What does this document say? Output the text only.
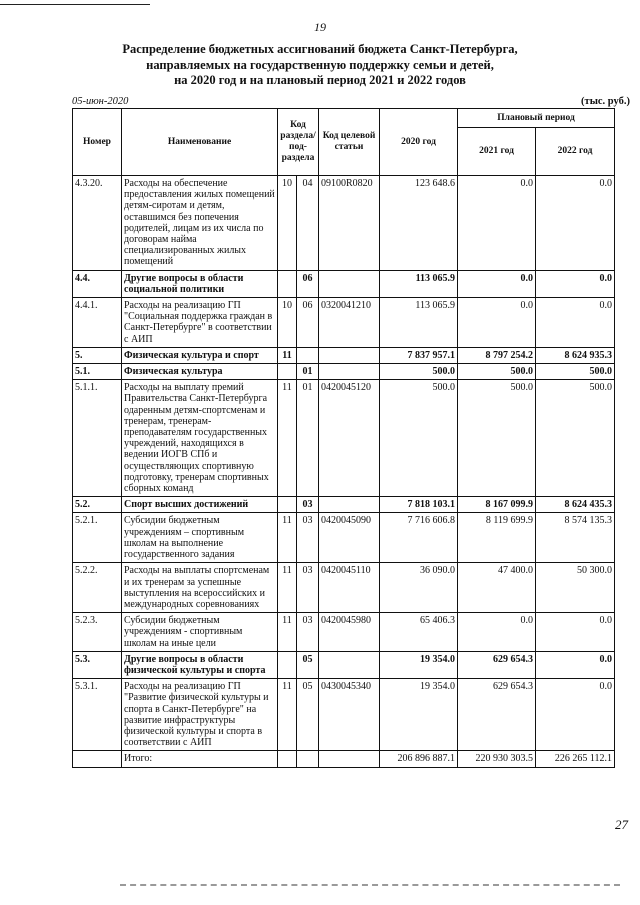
19
Распределение бюджетных ассигнований бюджета Санкт-Петербурга,
направляемых на государственную поддержку семьи и детей,
на 2020 год и на плановый период 2021 и 2022 годов
05-июн-2020	(тыс. руб.)
Номер	Наименование	Код раздела/ под-раздела		Код целевой статьи	2020 год	Плановый период	
						2021 год	2022 год
4.3.20.	Расходы на обеспечение предоставления жилых помещений детям-сиротам и детям, оставшимся без попечения родителей, лицам из их числа по договорам найма специализированных жилых помещений	10	04	09100R0820	123 648.6	0.0	0.0
4.4.	Другие вопросы в области социальной политики		06		113 065.9	0.0	0.0
4.4.1.	Расходы на реализацию ГП "Социальная поддержка граждан в Санкт-Петербурге" в соответствии с АИП	10	06	0320041210	113 065.9	0.0	0.0
5.	Физическая культура и спорт	11			7 837 957.1	8 797 254.2	8 624 935.3
5.1.	Физическая культура		01		500.0	500.0	500.0
5.1.1.	Расходы на выплату премий Правительства Санкт-Петербурга одаренным детям-спортсменам и тренерам, тренерам-преподавателям государственных учреждений, находящихся в ведении ИОГВ СПб и осуществляющих спортивную подготовку, тренерам спортивных сборных команд	11	01	0420045120	500.0	500.0	500.0
5.2.	Спорт высших достижений		03		7 818 103.1	8 167 099.9	8 624 435.3
5.2.1.	Субсидии бюджетным учреждениям – спортивным школам на выполнение государственного задания	11	03	0420045090	7 716 606.8	8 119 699.9	8 574 135.3
5.2.2.	Расходы на выплаты спортсменам и их тренерам за успешные выступления на всероссийских и международных соревнованиях	11	03	0420045110	36 090.0	47 400.0	50 300.0
5.2.3.	Субсидии бюджетным учреждениям - спортивным школам на иные цели	11	03	0420045980	65 406.3	0.0	0.0
5.3.	Другие вопросы в области физической культуры и спорта		05		19 354.0	629 654.3	0.0
5.3.1.	Расходы на реализацию ГП "Развитие физической культуры и спорта в Санкт-Петербурге" на развитие инфраструктуры физической культуры и спорта в соответствии с АИП	11	05	0430045340	19 354.0	629 654.3	0.0
	Итого:				206 896 887.1	220 930 303.5	226 265 112.1
27
